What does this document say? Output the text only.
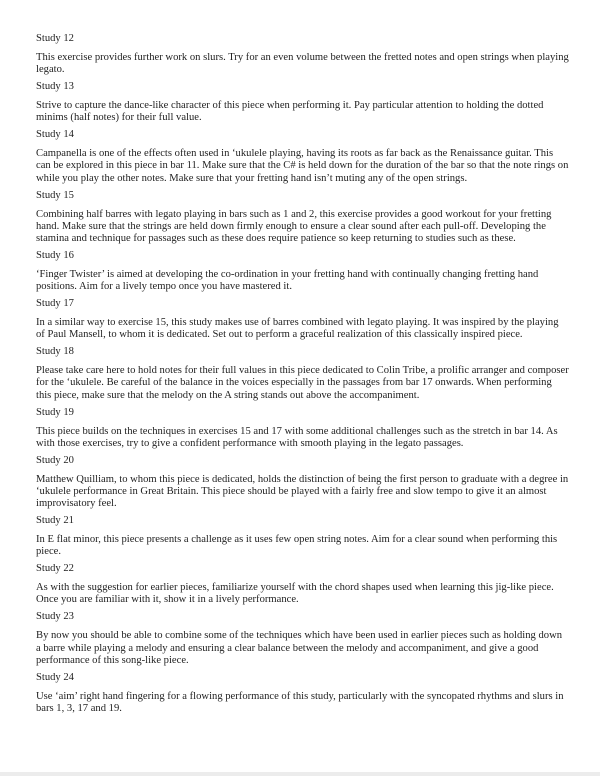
Study 12

This exercise provides further work on slurs. Try for an even volume between the fretted notes and open strings when playing legato.

Study 13

Strive to capture the dance-like character of this piece when performing it. Pay particular attention to holding the dotted minims (half notes) for their full value.

Study 14

Campanella is one of the effects often used in ‘ukulele playing, having its roots as far back as the Renaissance guitar. This can be explored in this piece in bar 11. Make sure that the C# is held down for the duration of the bar so that the note rings on while you play the other notes. Make sure that your fretting hand isn’t muting any of the open strings.

Study 15

Combining half barres with legato playing in bars such as 1 and 2, this exercise provides a good workout for your fretting hand. Make sure that the strings are held down firmly enough to ensure a clear sound after each pull-off. Developing the stamina and technique for passages such as these does require patience so keep returning to studies such as these.

Study 16

‘Finger Twister’ is aimed at developing the co-ordination in your fretting hand with continually changing fretting hand positions. Aim for a lively tempo once you have mastered it.

Study 17

In a similar way to exercise 15, this study makes use of barres combined with legato playing. It was inspired by the playing of Paul Mansell, to whom it is dedicated. Set out to perform a graceful realization of this classically inspired piece.

Study 18

Please take care here to hold notes for their full values in this piece dedicated to Colin Tribe, a prolific arranger and composer for the ‘ukulele. Be careful of the balance in the voices especially in the passages from bar 17 onwards. When performing this piece, make sure that the melody on the A string stands out above the accompaniment.

Study 19

This piece builds on the techniques in exercises 15 and 17 with some additional challenges such as the stretch in bar 14. As with those exercises, try to give a confident performance with smooth playing in the legato passages.

Study 20

Matthew Quilliam, to whom this piece is dedicated, holds the distinction of being the first person to graduate with a degree in ‘ukulele performance in Great Britain. This piece should be played with a fairly free and slow tempo to give it an almost improvisatory feel.

Study 21

In E flat minor, this piece presents a challenge as it uses few open string notes. Aim for a clear sound when performing this piece.

Study 22

As with the suggestion for earlier pieces, familiarize yourself with the chord shapes used when learning this jig-like piece. Once you are familiar with it, show it in a lively performance.

Study 23

By now you should be able to combine some of the techniques which have been used in earlier pieces such as holding down a barre while playing a melody and ensuring a clear balance between the melody and accompaniment, and give a good performance of this song-like piece.

Study 24

Use ‘aim’ right hand fingering for a flowing performance of this study, particularly with the syncopated rhythms and slurs in bars 1, 3, 17 and 19.
